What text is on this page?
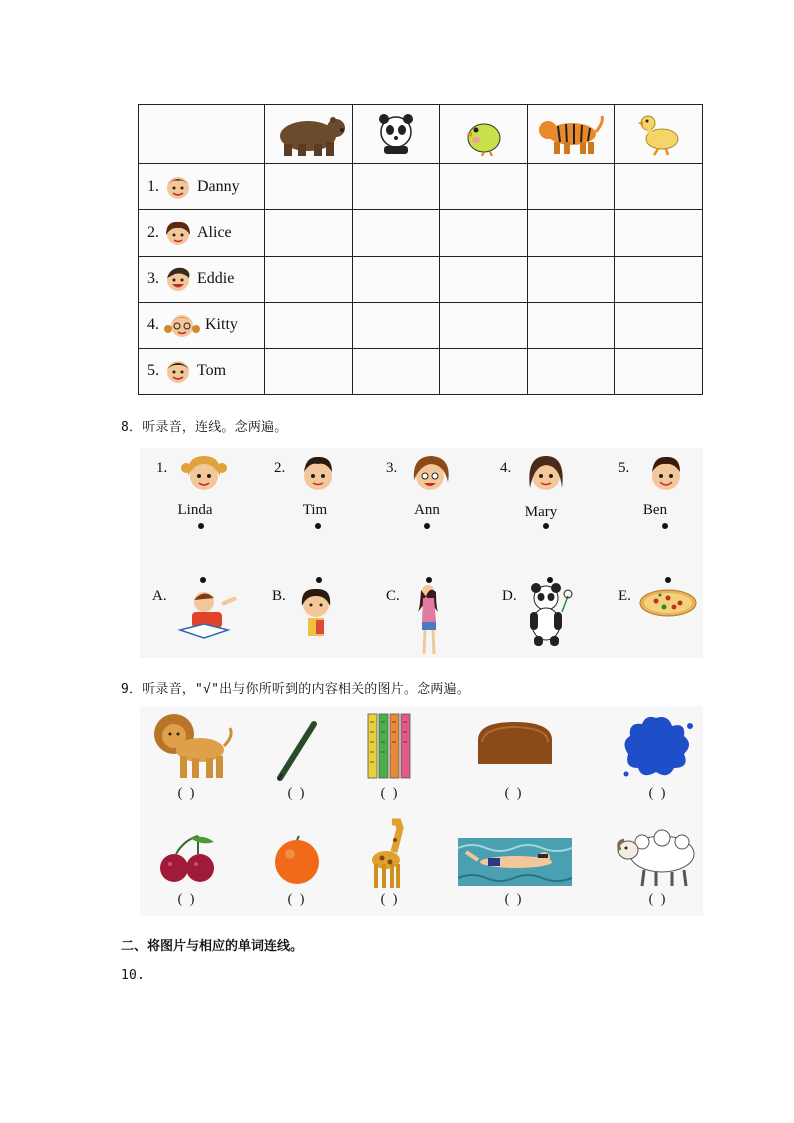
1. Danny					

2. Alice					

3. Eddie					

4. Kitty					

5. Tom					

8．听录音，连线。念两遍。
1.
Linda
2.
Tim
3.
Ann
4.
Mary
5.
Ben
A.	B.	C.	D.	E.
9．听录音，"√"出与你所听到的内容相关的图片。念两遍。
( )	( )	( )	( )	( )
( )	( )	( )	( )	( )
二、将图片与相应的单词连线。
10.
